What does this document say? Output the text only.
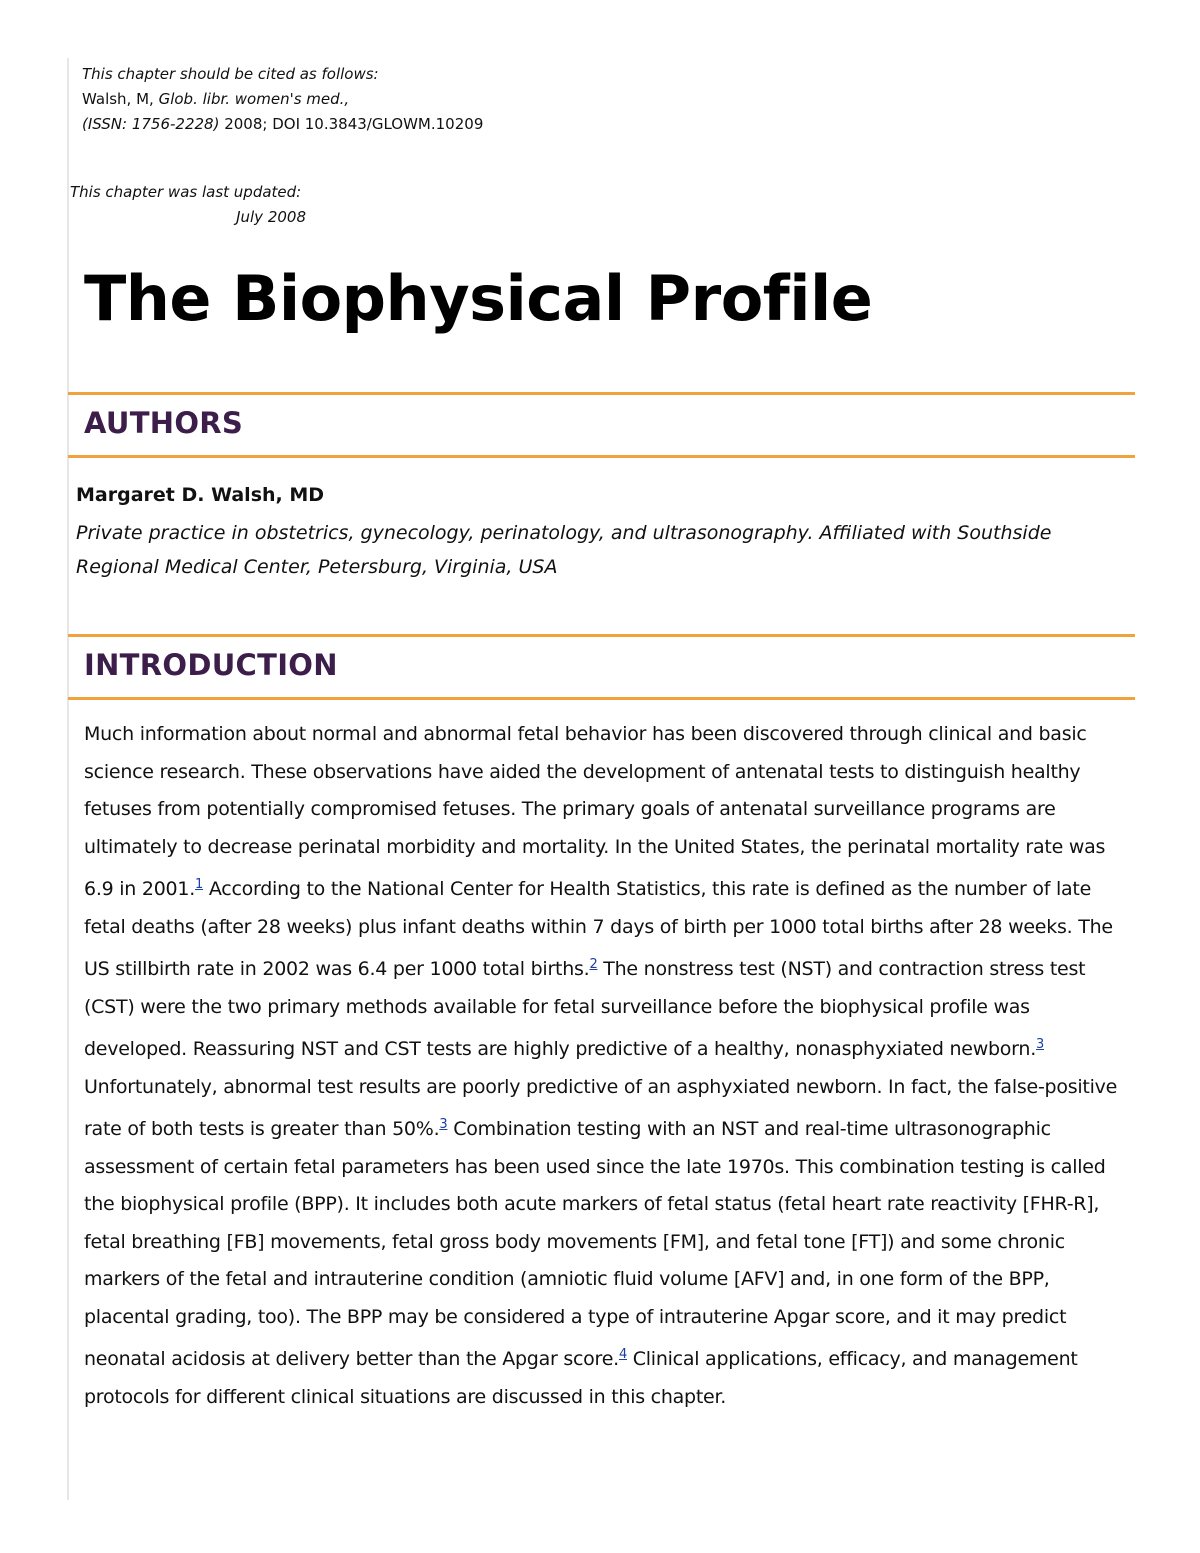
This chapter should be cited as follows:
Walsh, M, Glob. libr. women's med.,
(ISSN: 1756-2228) 2008; DOI 10.3843/GLOWM.10209
This chapter was last updated:
July 2008
The Biophysical Profile
AUTHORS
Margaret D. Walsh, MD
Private practice in obstetrics, gynecology, perinatology, and ultrasonography. Affiliated with Southside Regional Medical Center, Petersburg, Virginia, USA
INTRODUCTION

Much information about normal and abnormal fetal behavior has been discovered through clinical and basic science research. These observations have aided the development of antenatal tests to distinguish healthy fetuses from potentially compromised fetuses. The primary goals of antenatal surveillance programs are ultimately to decrease perinatal morbidity and mortality. In the United States, the perinatal mortality rate was 6.9 in 2001.$^1$ According to the National Center for Health Statistics, this rate is defined as the number of late fetal deaths (after 28 weeks) plus infant deaths within 7 days of birth per 1000 total births after 28 weeks. The US stillbirth rate in 2002 was 6.4 per 1000 total births.$^2$ The nonstress test (NST) and contraction stress test (CST) were the two primary methods available for fetal surveillance before the biophysical profile was developed. Reassuring NST and CST tests are highly predictive of a healthy, nonasphyxiated newborn.$^3$ Unfortunately, abnormal test results are poorly predictive of an asphyxiated newborn. In fact, the false-positive rate of both tests is greater than 50%.$^3$ Combination testing with an NST and real-time ultrasonographic assessment of certain fetal parameters has been used since the late 1970s. This combination testing is called the biophysical profile (BPP). It includes both acute markers of fetal status (fetal heart rate reactivity [FHR-R], fetal breathing [FB] movements, fetal gross body movements [FM], and fetal tone [FT]) and some chronic markers of the fetal and intrauterine condition (amniotic fluid volume [AFV] and, in one form of the BPP, placental grading, too). The BPP may be considered a type of intrauterine Apgar score, and it may predict neonatal acidosis at delivery better than the Apgar score.$^4$ Clinical applications, efficacy, and management protocols for different clinical situations are discussed in this chapter.
